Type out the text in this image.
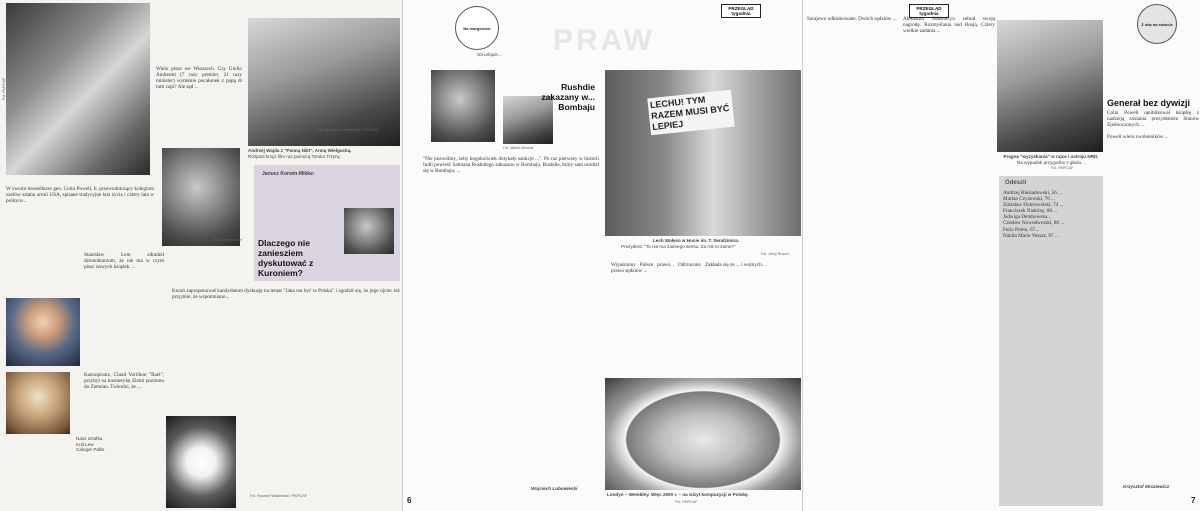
Fot. PAP/CAF
Wielu pisze we Włoszech. Czy Giulio Andreotti (7 razy premier, 21 razy minister) wymknie pocałunek z papą di tutti capi? Ale sąd ...
Fot. Mirosław Pawełkowski / PAP/CAF
Andrzej Wajda z "Panną Nikt", Anną Wielgucką.
Rozjazd krzyż film raz pomocą Tomka Trzyny.
Fot. Jerzy Ruszel
W swoim bestsellerze gen. Colin Powell, b. przewodniczący kolegium szefów sztabu armii USA, spisane tradycyjne lata życia i cztery lata w polityce...
Stanisław Lem zdradził dziennikarzom, że nie ma w czym pisać nowych książek. ...
Janusz Korwin-Mikke:
Dlaczego nie zaniesziem dyskutować z Kuroniem?
Kurań zaproponował kandydatom dyskusję na temat "Jaka ma być ta Polska" i zgodził się, że jego ojciec też przyjmie, że wspomniano...
Nasz sztafka
Knit Lew
Caloger Pallis
Kaznopisarz, Claud Vorilhon "Rael", przybył na kosmetykę Ziemi poziomu do Ziemian. Twierdzi, że ...
Fot. Ryszard Wasilewski / PAP/CAF
PRAW
Na marginesie
Na urlopie...
Fot. Marek Mirolski
Rushdie zakazany w... Bombaju
"Nie pozwólmy, żeby kogokolwiek dotykały sankcje ...". Po raz pierwszy w historii Indii powieść Salmana Rushdiego zakazano w Bombaju. Rushdie, który sam urodził się w Bombaju, ...
Wojciech Lubowiecki
6
PRZEGLĄD tygodnia
LECHU! TYM RAZEM MUSI BYĆ LEPIEJ
Lech Wałęsa w Hucie im. T. Sendzimira.
Prezydent: "To nie ma żadnego sensu. Za rok to same?"
Fot. Jerzy Ruszel
Wyjaśniony Polsce prawo... Odrzucono prawo sędziów ...
Zakłada się że ... i wolnych...
Londyn – Wembley. Więc 2000 r. – na wizyt kompozycji w Polskę.
Fot. PAP/CAF
PRZEGLĄD tygodnia
Sarajewo odblokowane. Dwóch sędziów ...	Aleksandr Sołżenicyn zebrał swoją nagrodę. Rozmyślania nad Rosją. Cztery wielkie zadania ...
Z oka na świecie
Pragnę "wyzyskania" w rajce i ustroju NRD.
Na wypadek przygodne z głodu...
Fot. PAP/CAF
Generał bez dywizji
Colin Powell opublikował książkę z nadzieją zostania prezydentem Stanów Zjednoczonych ...

Powell wielu zwolenników ...
Odeszli
Andrzej Biesiadowski, 56 ...
Marian Czyżewski, 76 ...
Zdzisław Dobrowolski, 74 ...
Franciszek Nadolny, 80 ...
Jadwiga Dembowska...
Czesław Nowodworski, 80 ...
Felix Prieto, 67...
Nabila Marie Vessaz, 87 ...
Krzysztof Mroziewicz
7
